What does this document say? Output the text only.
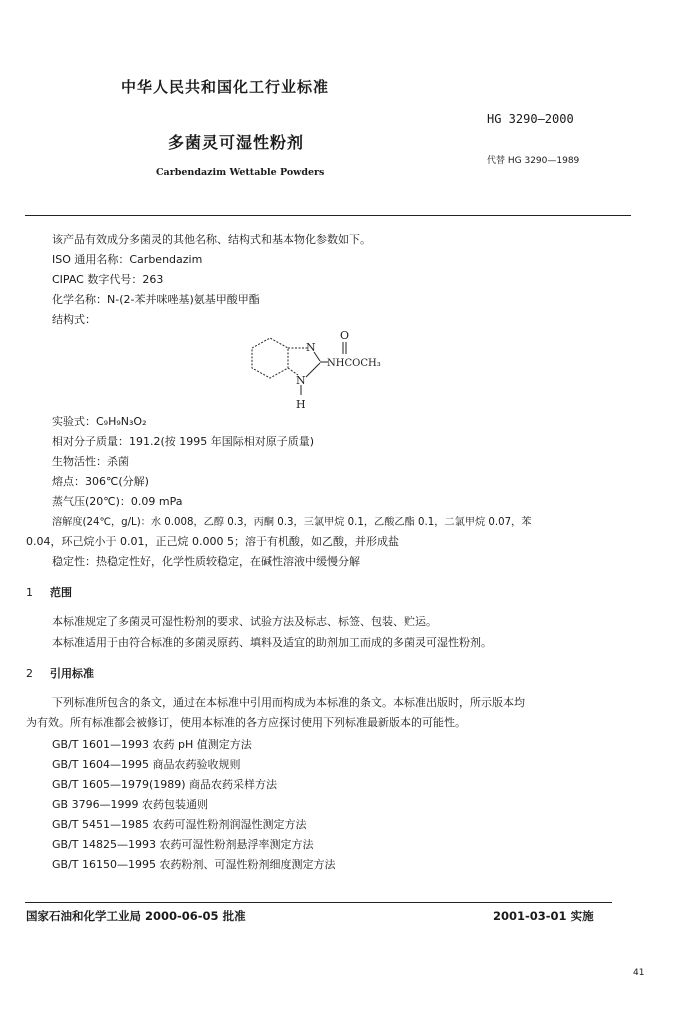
中华人民共和国化工行业标准
HG 3290—2000
多菌灵可湿性粉剂
代替 HG 3290—1989
Carbendazim Wettable Powders
该产品有效成分多菌灵的其他名称、结构式和基本物化参数如下。
ISO 通用名称：Carbendazim
CIPAC 数字代号：263
化学名称：N-(2-苯并咪唑基)氨基甲酸甲酯
结构式：
O
N
NHCOCH₃
N
H
实验式：C₉H₉N₃O₂
相对分子质量：191.2(按 1995 年国际相对原子质量)
生物活性：杀菌
熔点：306℃(分解)
蒸气压(20℃)：0.09 mPa
溶解度(24℃，g/L)：水 0.008，乙醇 0.3，丙酮 0.3，三氯甲烷 0.1，乙酸乙酯 0.1，二氯甲烷 0.07，苯
0.04，环己烷小于 0.01，正己烷 0.000 5；溶于有机酸，如乙酸，并形成盐
稳定性：热稳定性好，化学性质较稳定，在碱性溶液中缓慢分解
1 范围
本标准规定了多菌灵可湿性粉剂的要求、试验方法及标志、标签、包装、贮运。
本标准适用于由符合标准的多菌灵原药、填料及适宜的助剂加工而成的多菌灵可湿性粉剂。
2 引用标准
下列标准所包含的条文，通过在本标准中引用而构成为本标准的条文。本标准出版时，所示版本均
为有效。所有标准都会被修订，使用本标准的各方应探讨使用下列标准最新版本的可能性。
GB/T 1601—1993 农药 pH 值测定方法
GB/T 1604—1995 商品农药验收规则
GB/T 1605—1979(1989) 商品农药采样方法
GB 3796—1999 农药包装通则
GB/T 5451—1985 农药可湿性粉剂润湿性测定方法
GB/T 14825—1993 农药可湿性粉剂悬浮率测定方法
GB/T 16150—1995 农药粉剂、可湿性粉剂细度测定方法
国家石油和化学工业局 2000-06-05 批准	2001-03-01 实施
41
